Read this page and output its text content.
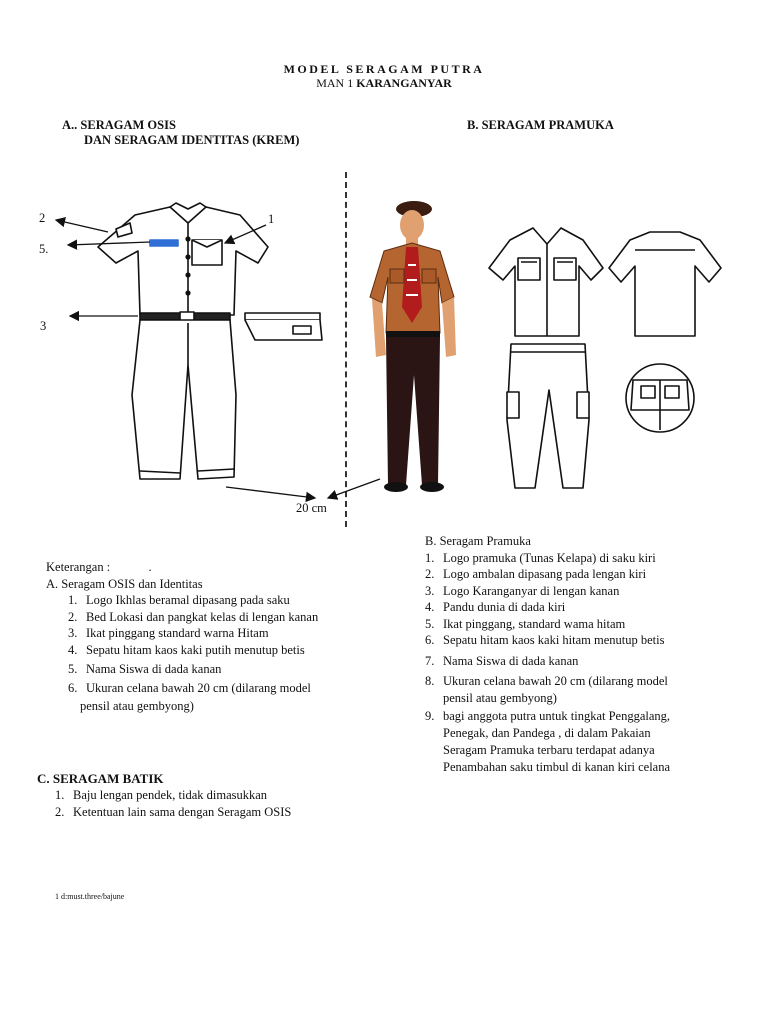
MODEL SERAGAM PUTRA
MAN 1 KARANGANYAR
A.. SERAGAM OSIS
DAN SERAGAM IDENTITAS (KREM)
B. SERAGAM PRAMUKA
2	1
5.
3
20 cm
Keterangan :	.
A. Seragam OSIS dan Identitas
1. Logo Ikhlas beramal dipasang pada saku
2. Bed Lokasi dan pangkat kelas di lengan kanan
3. Ikat pinggang standard warna Hitam
4. Sepatu hitam kaos kaki putih menutup betis
5. Nama Siswa di dada kanan
6. Ukuran celana bawah 20 cm (dilarang model
pensil atau gembyong)
B. Seragam Pramuka
1. Logo pramuka (Tunas Kelapa) di saku kiri
2. Logo ambalan dipasang pada lengan kiri
3. Logo Karanganyar di lengan kanan
4. Pandu dunia di dada kiri
5. Ikat pinggang, standard wama hitam
6. Sepatu hitam kaos kaki hitam menutup betis
7. Nama Siswa di dada kanan
8. Ukuran celana bawah 20 cm (dilarang model
pensil atau gembyong)
9. bagi anggota putra untuk tingkat Penggalang,
Penegak, dan Pandega , di dalam Pakaian
Seragam Pramuka terbaru terdapat adanya
Penambahan saku timbul di kanan kiri celana
C. SERAGAM BATIK
1. Baju lengan pendek, tidak dimasukkan
2. Ketentuan lain sama dengan Seragam OSIS
1 d:must.three/bajune
